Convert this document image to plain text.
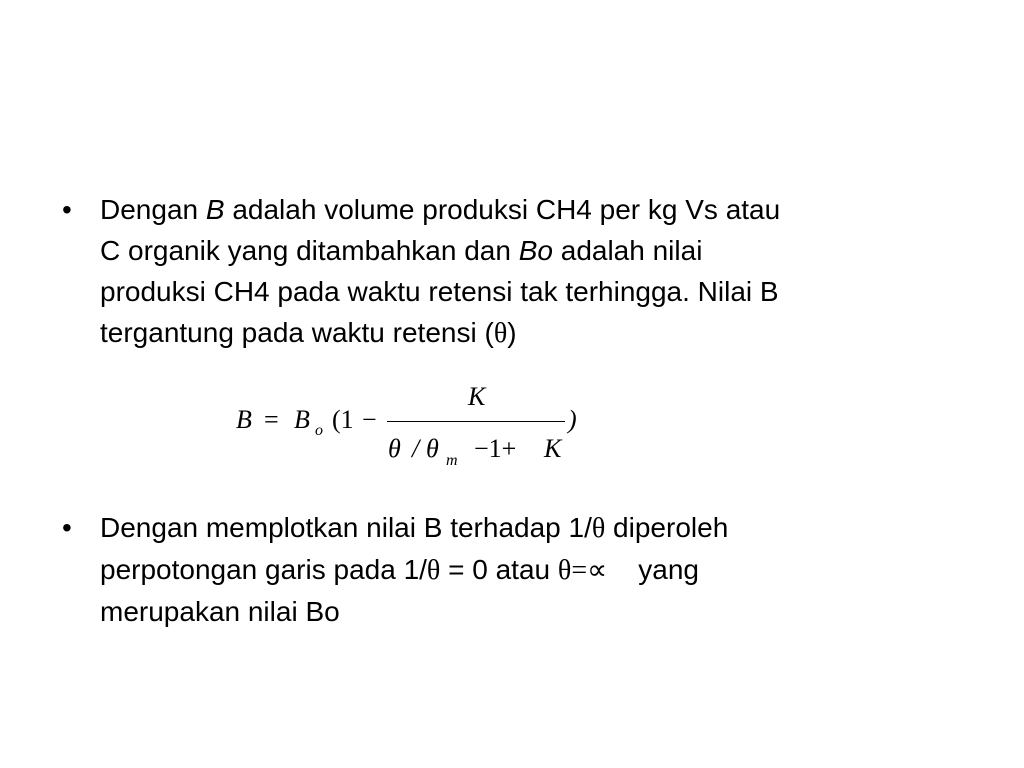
•	Dengan B adalah volume produksi CH4 per kg Vs atau
C organik yang ditambahkan dan Bo adalah nilai
produksi CH4 pada waktu retensi tak terhingga. Nilai B
tergantung pada waktu retensi (θ)
B = B o (1 −
K
)
θ / θ m −1+ K
•	Dengan memplotkan nilai B terhadap 1/θ diperoleh
perpotongan garis pada 1/θ = 0 atau θ=∝    yang
merupakan nilai Bo
